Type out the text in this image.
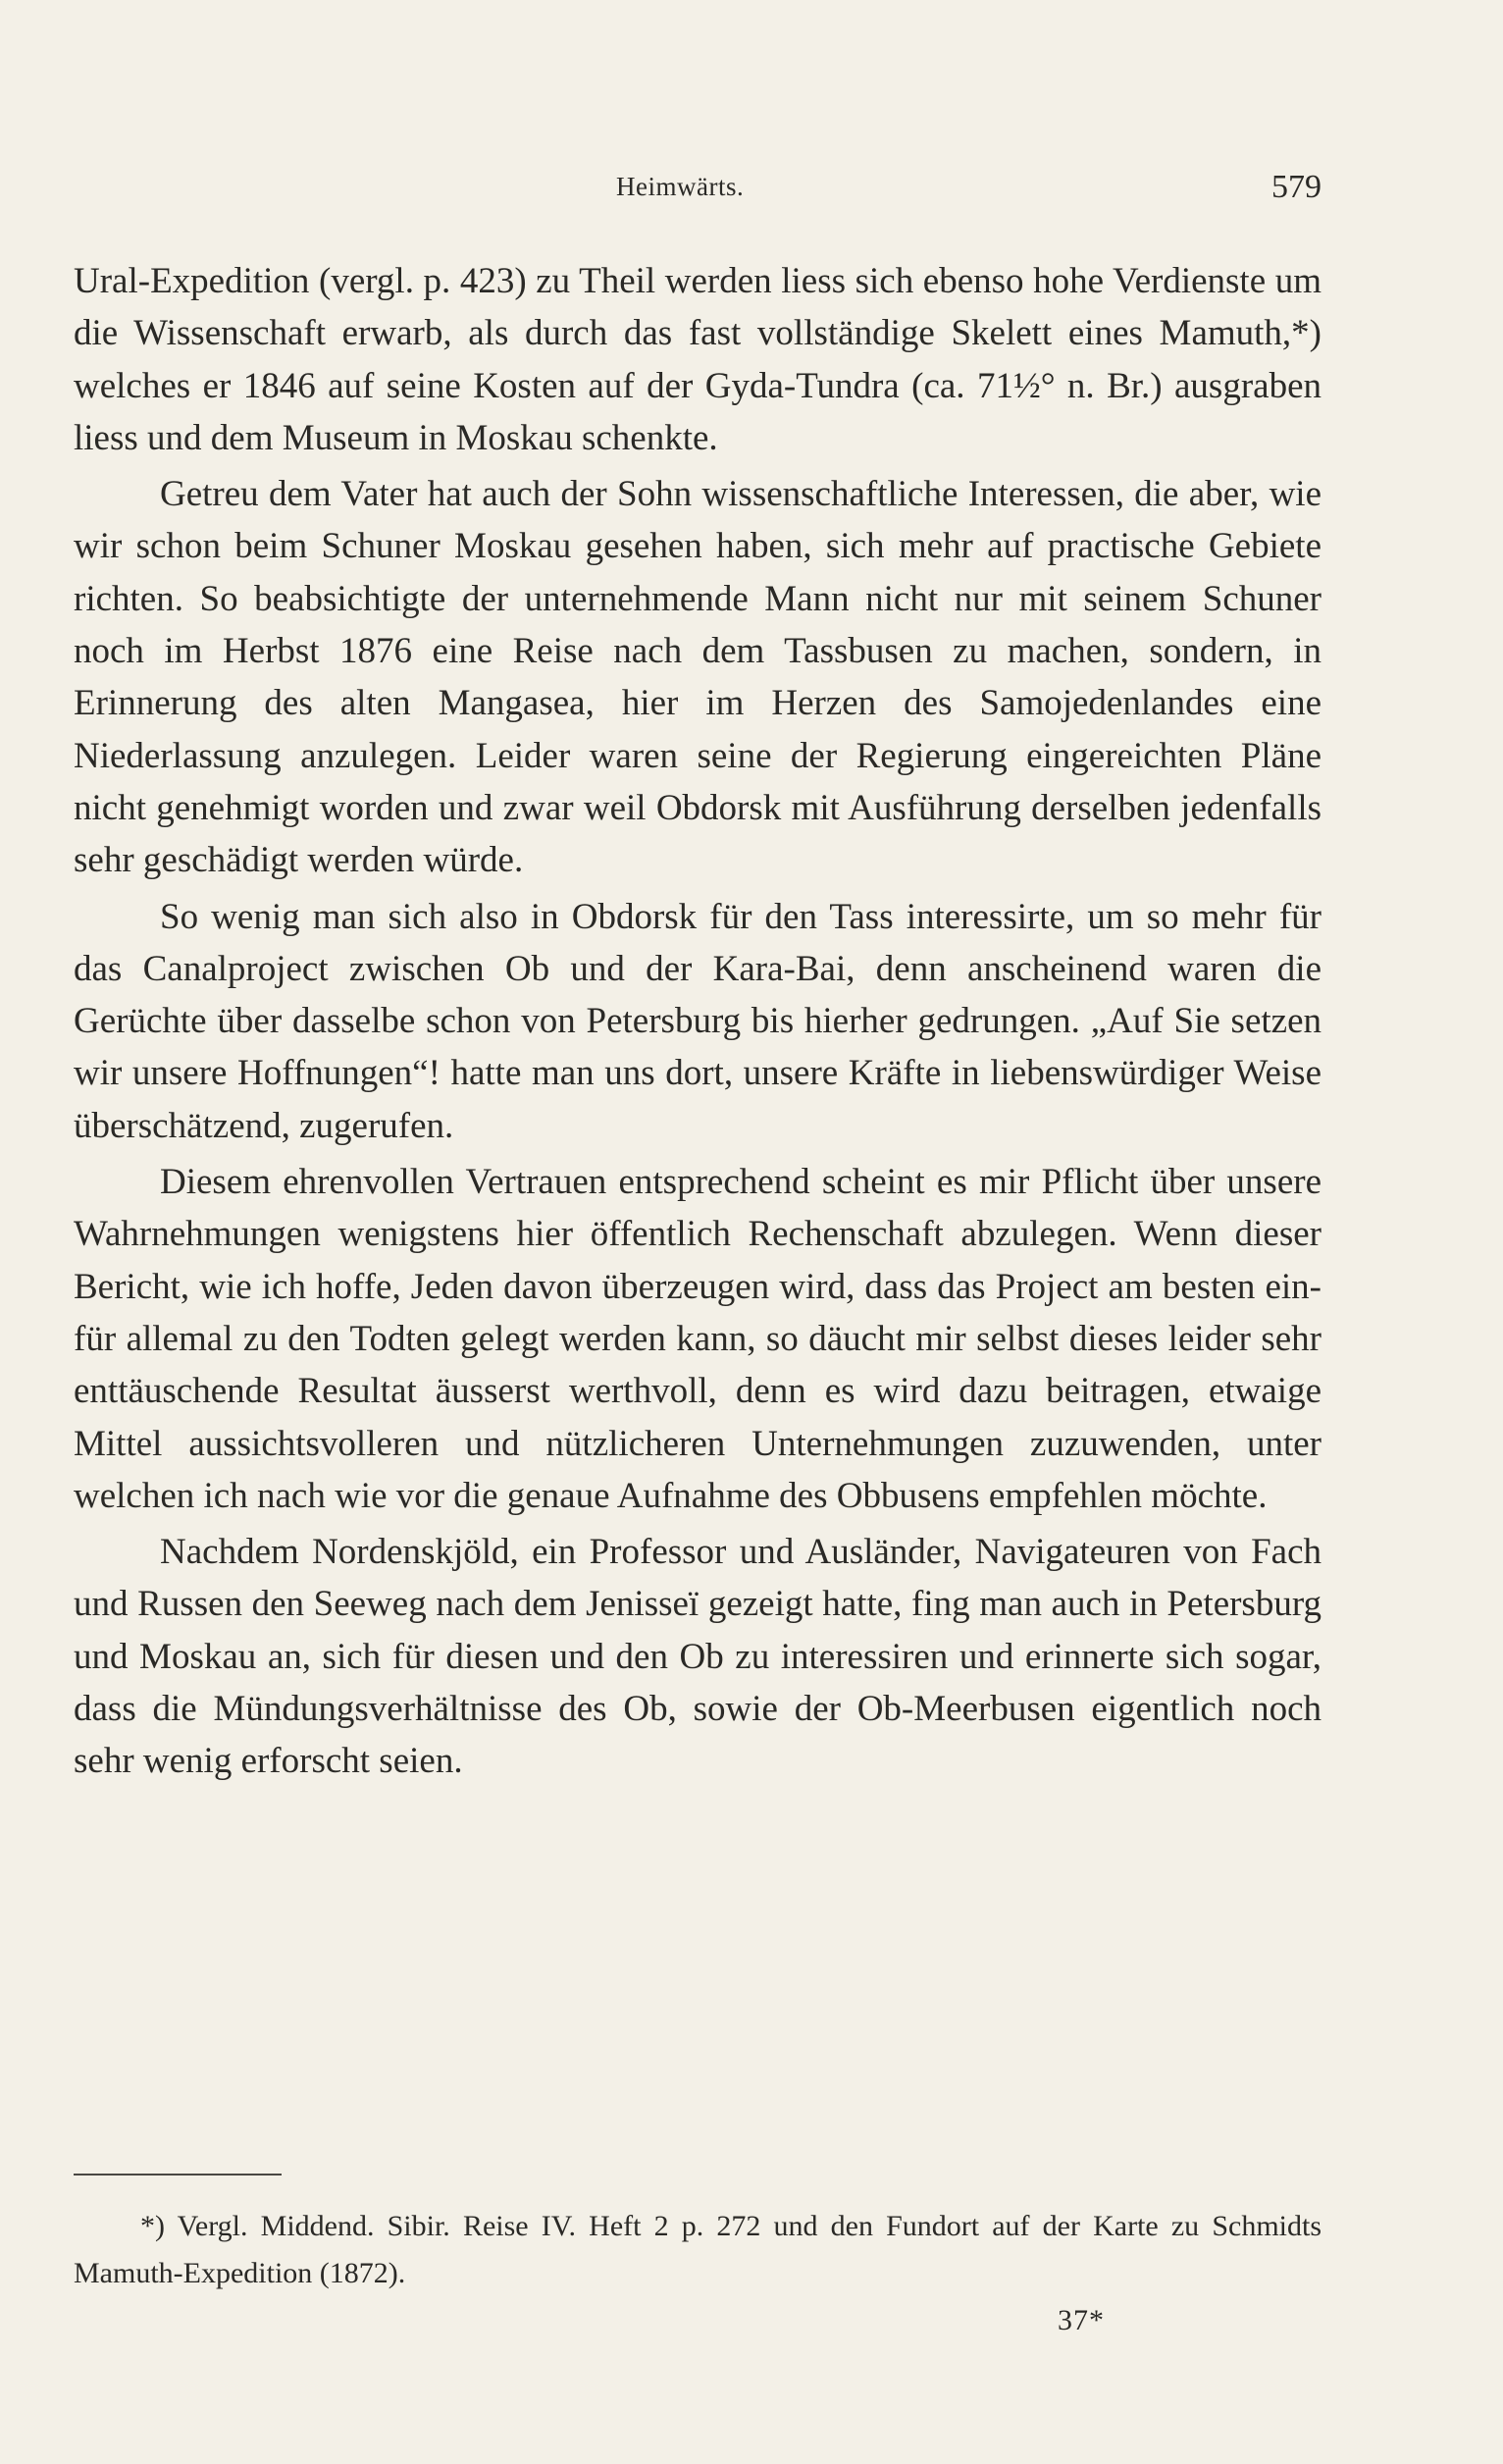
Heimwärts.	579

Ural-Expedition (vergl. p. 423) zu Theil werden liess sich ebenso hohe Verdienste um die Wissenschaft erwarb, als durch das fast vollständige Skelett eines Mamuth,*) welches er 1846 auf seine Kosten auf der Gyda-Tundra (ca. 71½° n. Br.) ausgraben liess und dem Museum in Moskau schenkte.

Getreu dem Vater hat auch der Sohn wissenschaftliche Interessen, die aber, wie wir schon beim Schuner Moskau gesehen haben, sich mehr auf practische Gebiete richten. So beabsichtigte der unternehmende Mann nicht nur mit seinem Schuner noch im Herbst 1876 eine Reise nach dem Tassbusen zu machen, sondern, in Erinnerung des alten Mangasea, hier im Herzen des Samojedenlandes eine Niederlassung anzulegen. Leider waren seine der Regierung eingereichten Pläne nicht genehmigt worden und zwar weil Obdorsk mit Ausführung derselben jedenfalls sehr geschädigt werden würde.

So wenig man sich also in Obdorsk für den Tass interessirte, um so mehr für das Canalproject zwischen Ob und der Kara-Bai, denn anscheinend waren die Gerüchte über dasselbe schon von Petersburg bis hierher gedrungen. „Auf Sie setzen wir unsere Hoffnungen“! hatte man uns dort, unsere Kräfte in liebenswürdiger Weise überschätzend, zugerufen.

Diesem ehrenvollen Vertrauen entsprechend scheint es mir Pflicht über unsere Wahrnehmungen wenigstens hier öffentlich Rechenschaft abzulegen. Wenn dieser Bericht, wie ich hoffe, Jeden davon überzeugen wird, dass das Project am besten ein- für allemal zu den Todten gelegt werden kann, so däucht mir selbst dieses leider sehr enttäuschende Resultat äusserst werthvoll, denn es wird dazu beitragen, etwaige Mittel aussichtsvolleren und nützlicheren Unternehmungen zuzuwenden, unter welchen ich nach wie vor die genaue Aufnahme des Obbusens empfehlen möchte.

Nachdem Nordenskjöld, ein Professor und Ausländer, Navigateuren von Fach und Russen den Seeweg nach dem Jenisseï gezeigt hatte, fing man auch in Petersburg und Moskau an, sich für diesen und den Ob zu interessiren und erinnerte sich sogar, dass die Mündungsverhältnisse des Ob, sowie der Ob-Meerbusen eigentlich noch sehr wenig erforscht seien.

*) Vergl. Middend. Sibir. Reise IV. Heft 2 p. 272 und den Fundort auf der Karte zu Schmidts Mamuth-Expedition (1872).
37*
